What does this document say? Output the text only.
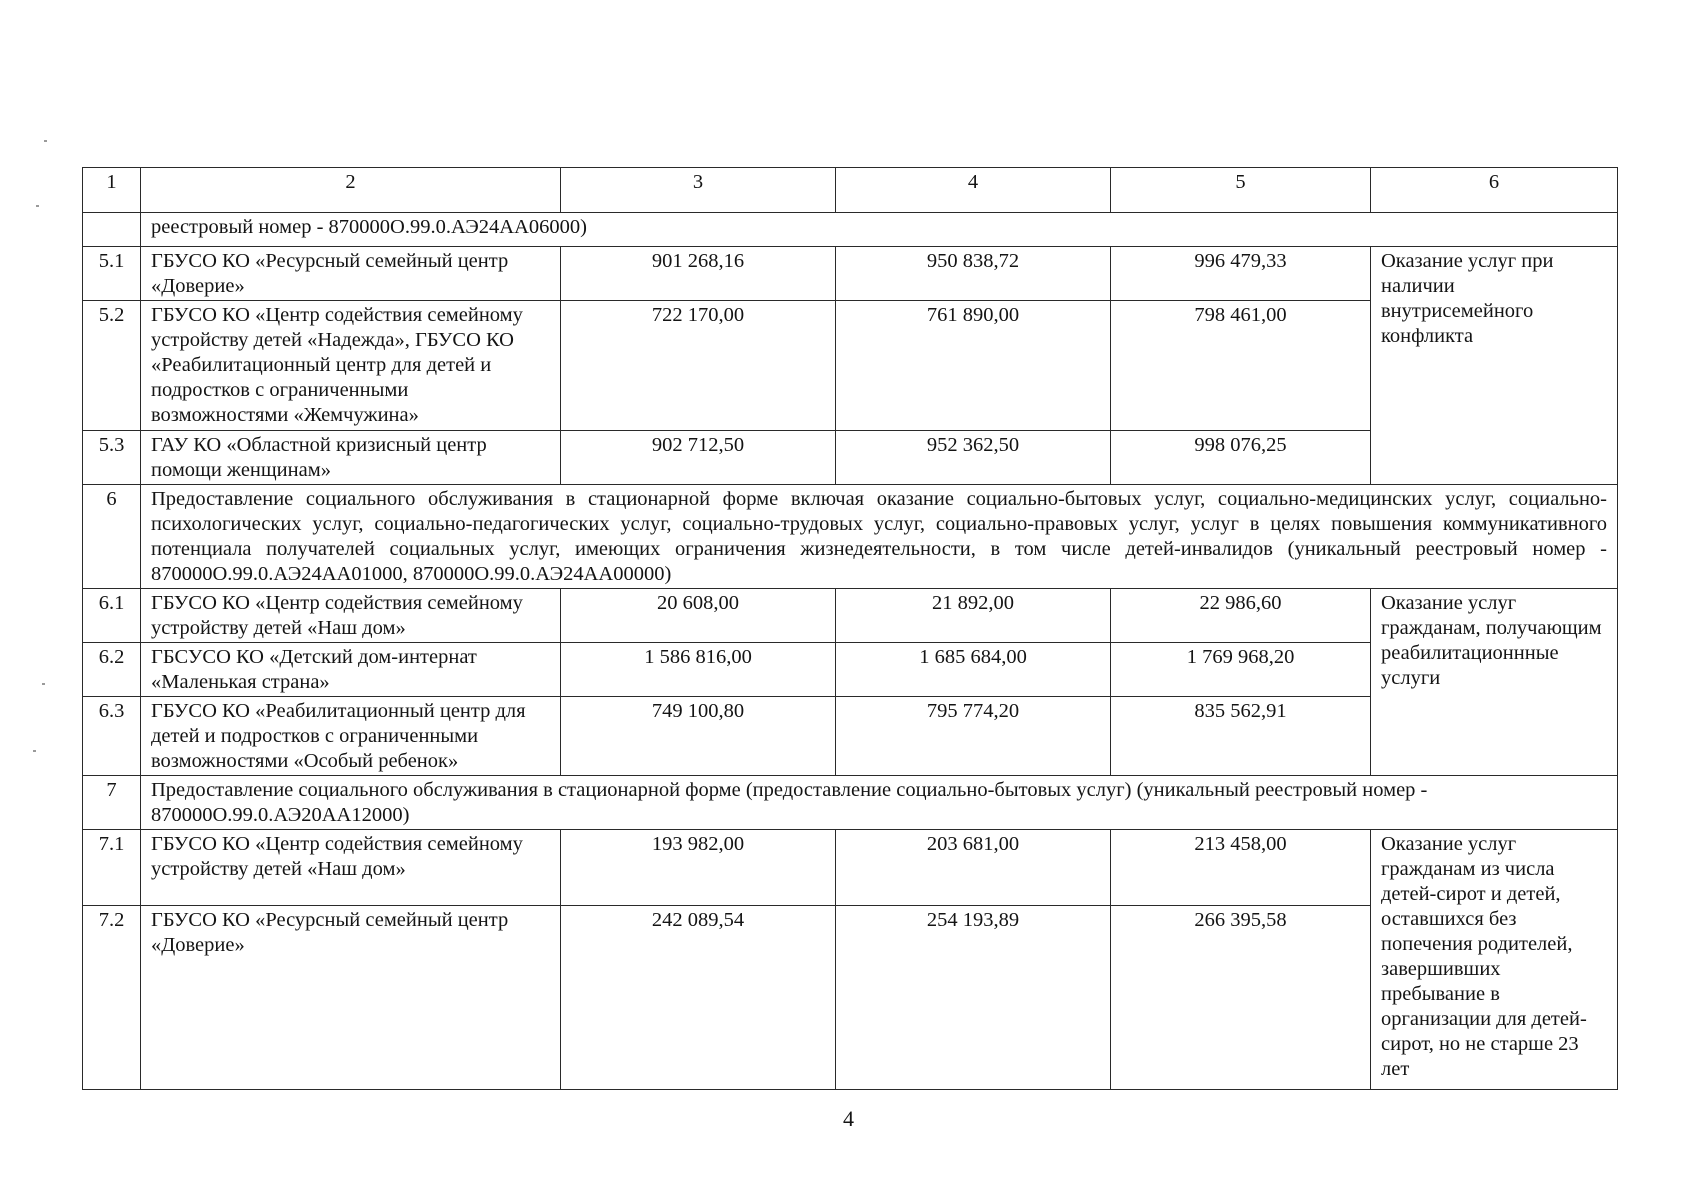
1	2	3	4	5	6
	реестровый номер - 870000О.99.0.АЭ24АА06000)				
5.1	ГБУСО КО «Ресурсный семейный центр «Доверие»	901 268,16	950 838,72	996 479,33	Оказание услуг при наличии внутрисемейного конфликта
5.2	ГБУСО КО «Центр содействия семейному устройству детей «Надежда», ГБУСО КО «Реабилитационный центр для детей и подростков с ограниченными возможностями «Жемчужина»	722 170,00	761 890,00	798 461,00	
5.3	ГАУ КО «Областной кризисный центр помощи женщинам»	902 712,50	952 362,50	998 076,25	
6	Предоставление социального обслуживания в стационарной форме включая оказание социально-бытовых услуг, социально-медицинских услуг, социально-психологических услуг, социально-педагогических услуг, социально-трудовых услуг, социально-правовых услуг, услуг в целях повышения коммуникативного потенциала получателей социальных услуг, имеющих ограничения жизнедеятельности, в том числе детей-инвалидов (уникальный реестровый номер - 870000О.99.0.АЭ24АА01000, 870000О.99.0.АЭ24АА00000)				
6.1	ГБУСО КО «Центр содействия семейному устройству детей «Наш дом»	20 608,00	21 892,00	22 986,60	Оказание услуг гражданам, получающим реабилитационнные услуги
6.2	ГБСУСО КО «Детский дом-интернат «Маленькая страна»	1 586 816,00	1 685 684,00	1 769 968,20	
6.3	ГБУСО КО «Реабилитационный центр для детей и подростков с ограниченными возможностями «Особый ребенок»	749 100,80	795 774,20	835 562,91	
7	Предоставление социального обслуживания в стационарной форме (предоставление социально-бытовых услуг) (уникальный реестровый номер - 870000О.99.0.АЭ20АА12000)				
7.1	ГБУСО КО «Центр содействия семейному устройству детей «Наш дом»	193 982,00	203 681,00	213 458,00	Оказание услуг гражданам из числа детей-сирот и детей, оставшихся без попечения родителей, завершивших пребывание в организации для детей-сирот, но не старше 23 лет
7.2	ГБУСО КО «Ресурсный семейный центр «Доверие»	242 089,54	254 193,89	266 395,58	
4
